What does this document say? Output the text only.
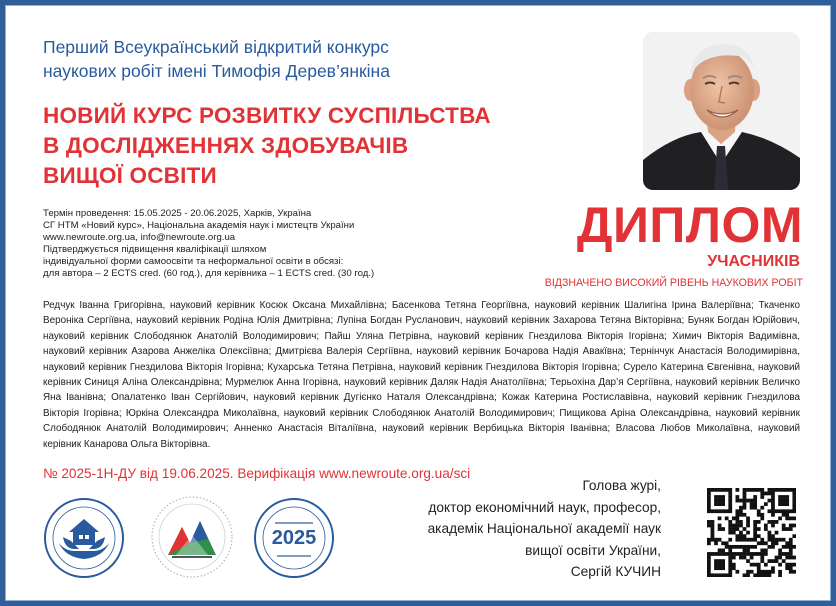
Перший Всеукраїнський відкритий конкурс
наукових робіт імені Тимофія Дерев’янкіна
НОВИЙ КУРС РОЗВИТКУ СУСПІЛЬСТВА
В ДОСЛІДЖЕННЯХ ЗДОБУВАЧІВ
ВИЩОЇ ОСВІТИ
Термін проведення: 15.05.2025 - 20.06.2025, Харків, Україна
СГ НТМ «Новий курс», Національна академія наук і мистецтв України
www.newroute.org.ua, info@newroute.org.ua
Підтверджується підвищення кваліфікації шляхом
індивідуальної форми самоосвіти та неформальної освіти в обсязі:
для автора – 2 ECTS cred. (60 год.), для керівника – 1 ECTS cred. (30 год.)
ДИПЛОМ
УЧАСНИКІВ
ВІДЗНАЧЕНО ВИСОКИЙ РІВЕНЬ НАУКОВИХ РОБІТ
Редчук Іванна Григорівна, науковий керівник Косюк Оксана Михайлівна; Басенкова Тетяна Георгіївна, науковий керівник Шалигіна Ірина Валеріївна; Ткаченко Вероніка Сергіївна, науковий керівник Родіна Юлія Дмитрівна; Лупіна Богдан Русланович, науковий керівник Захарова Тетяна Вікторівна; Буняк Богдан Юрійович, науковий керівник Слободянюк Анатолій Володимирович; Пайш Уляна Петрівна, науковий керівник Гнездилова Вікторія Ігорівна; Химич Вікторія Вадимівна, науковий керівник Азарова Анжеліка Олексіївна; Дмитрієва Валерія Сергіївна, науковий керівник Бочарова Надія Авакївна; Тернінчук Анастасія Володимирівна, науковий керівник Гнездилова Вікторія Ігорівна; Кухарська Тетяна Петрівна, науковий керівник Гнездилова Вікторія Ігорівна; Сурело Катерина Євгенівна, науковий керівник Синиця Аліна Олександрівна; Мурмелюк Анна Ігорівна, науковий керівник Даляк Надія Анатоліївна; Терьохіна Дар’я Сергіївна, науковий керівник Величко Яна Іванівна; Опалатенко Іван Сергійович, науковий керівник Дугієнко Наталя Олександрівна; Кожак Катерина Ростиславівна, науковий керівник Гнездилова Вікторія Ігорівна; Юркіна Олександра Миколаївна, науковий керівник Слободянюк Анатолій Володимирович; Пищикова Аріна Олександрівна, науковий керівник Слободянюк Анатолій Володимирович; Анненко Анастасія Віталіївна, науковий керівник Вербицька Вікторія Іванівна; Власова Любов Миколаївна, науковий керівник Канарова Ольга Вікторівна.
№ 2025-1Н-ДУ від 19.06.2025. Верифікація www.newroute.org.ua/sci
Голова журі,
доктор економічний наук, професор,
академік Національної академії наук
вищої освіти України,
Сергій КУЧИН
2025
